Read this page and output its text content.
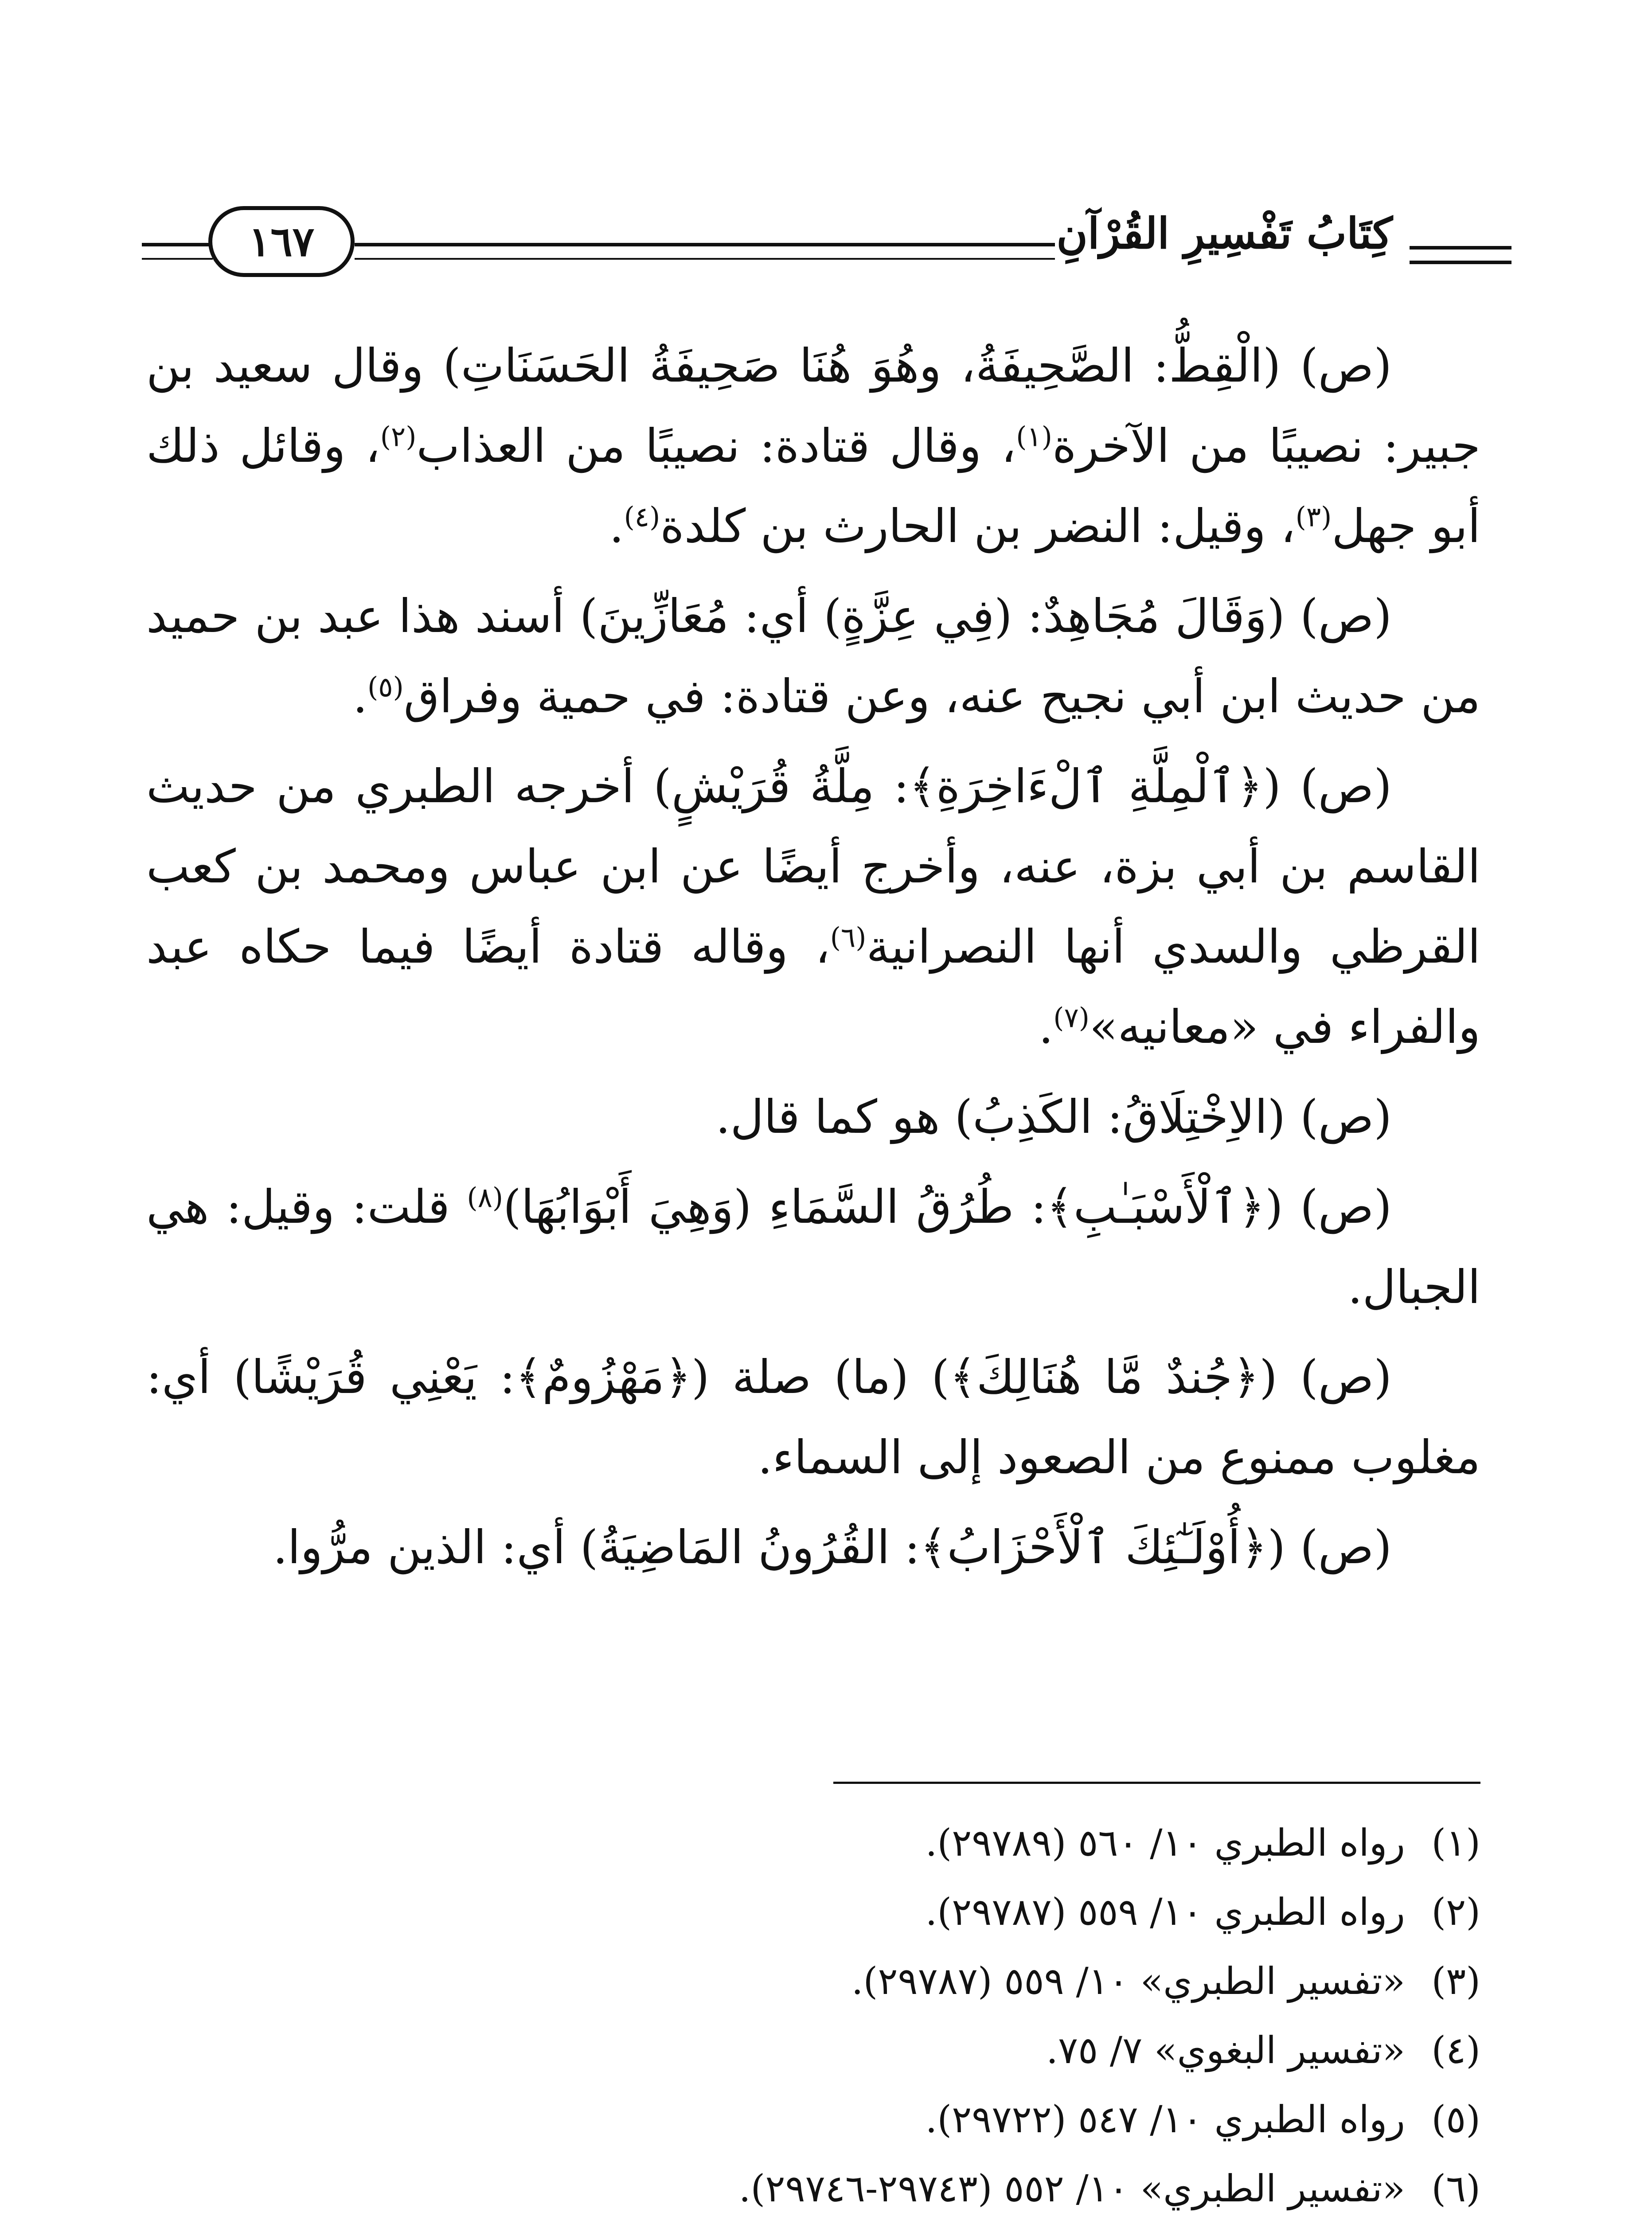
كِتَابُ تَفْسِيرِ القُرْآنِ
١٦٧

(ص) (الْقِطُّ: الصَّحِيفَةُ، وهُوَ هُنَا صَحِيفَةُ الحَسَنَاتِ) وقال سعيد بن جبير: نصيبًا من الآخرة$^{(١)}$، وقال قتادة: نصيبًا من العذاب$^{(٢)}$، وقائل ذلك أبو جهل$^{(٣)}$، وقيل: النضر بن الحارث بن كلدة$^{(٤)}$.

(ص) (وَقَالَ مُجَاهِدٌ: (فِي عِزَّةٍ) أي: مُعَازِّينَ) أسند هذا عبد بن حميد من حديث ابن أبي نجيح عنه، وعن قتادة: في حمية وفراق$^{(٥)}$.

(ص) (﴿ٱلْمِلَّةِ ٱلْءَاخِرَةِ﴾: مِلَّةُ قُرَيْشٍ) أخرجه الطبري من حديث القاسم بن أبي بزة، عنه، وأخرج أيضًا عن ابن عباس ومحمد بن كعب القرظي والسدي أنها النصرانية$^{(٦)}$، وقاله قتادة أيضًا فيما حكاه عبد والفراء في «معانيه»$^{(٧)}$.

(ص) (الاِخْتِلَاقُ: الكَذِبُ) هو كما قال.

(ص) (﴿ٱلْأَسْبَـٰبِ﴾: طُرُقُ السَّمَاءِ (وَهِيَ أَبْوَابُهَا)$^{(٨)}$ قلت: وقيل: هي الجبال.

(ص) (﴿جُندٌ مَّا هُنَالِكَ﴾) (ما) صلة (﴿مَهْزُومٌ﴾: يَعْنِي قُرَيْشًا) أي: مغلوب ممنوع من الصعود إلى السماء.

(ص) (﴿أُوْلَـٰٓئِكَ ٱلْأَحْزَابُ﴾: القُرُونُ المَاضِيَةُ) أي: الذين مرُّوا.

(١)
رواه الطبري ١٠/ ٥٦٠ (٢٩٧٨٩).
(٢)
رواه الطبري ١٠/ ٥٥٩ (٢٩٧٨٧).
(٣)
«تفسير الطبري» ١٠/ ٥٥٩ (٢٩٧٨٧).
(٤)
«تفسير البغوي» ٧/ ٧٥.
(٥)
رواه الطبري ١٠/ ٥٤٧ (٢٩٧٢٢).
(٦)
«تفسير الطبري» ١٠/ ٥٥٢ (٢٩٧٤٣-٢٩٧٤٦).
